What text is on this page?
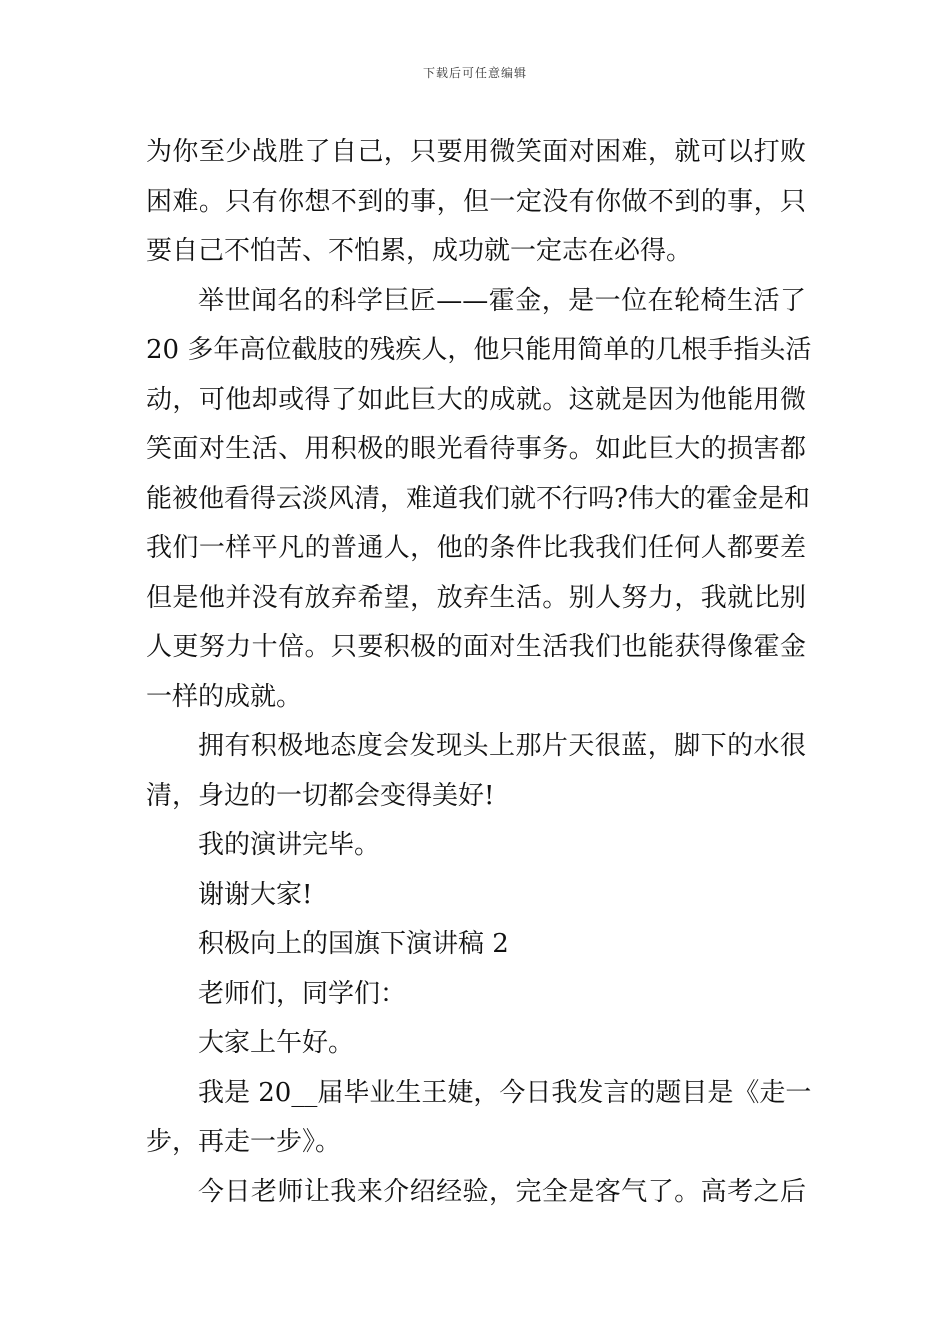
下载后可任意编辑
为你至少战胜了自己，只要用微笑面对困难，就可以打败
困难。只有你想不到的事，但一定没有你做不到的事，只
要自己不怕苦、不怕累，成功就一定志在必得。
举世闻名的科学巨匠——霍金，是一位在轮椅生活了
20 多年高位截肢的残疾人，他只能用简单的几根手指头活
动，可他却或得了如此巨大的成就。这就是因为他能用微
笑面对生活、用积极的眼光看待事务。如此巨大的损害都
能被他看得云淡风清，难道我们就不行吗?伟大的霍金是和
我们一样平凡的普通人，他的条件比我我们任何人都要差
但是他并没有放弃希望，放弃生活。别人努力，我就比别
人更努力十倍。只要积极的面对生活我们也能获得像霍金
一样的成就。
拥有积极地态度会发现头上那片天很蓝，脚下的水很
清，身边的一切都会变得美好!
我的演讲完毕。
谢谢大家!
积极向上的国旗下演讲稿 2
老师们，同学们：
大家上午好。
我是 20__届毕业生王婕，今日我发言的题目是《走一
步，再走一步》。
今日老师让我来介绍经验，完全是客气了。高考之后
